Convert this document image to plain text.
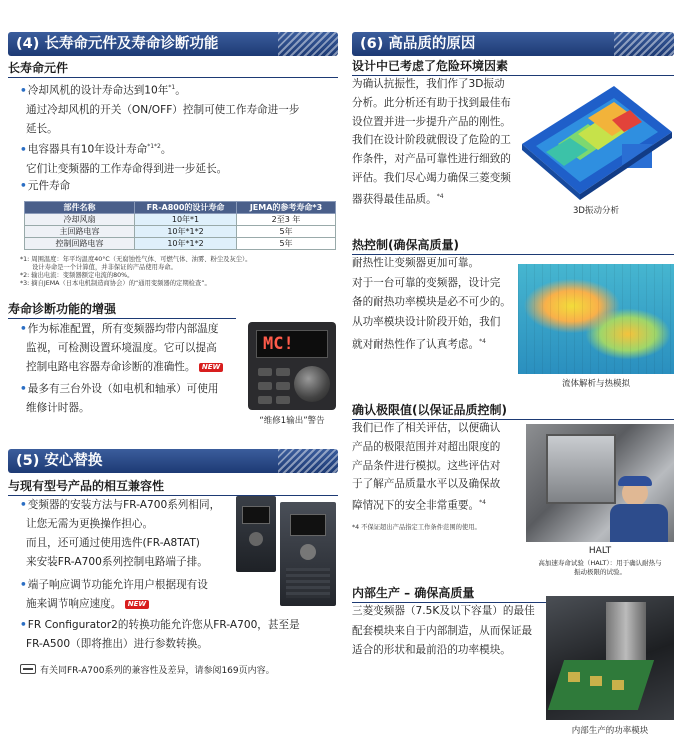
(4) 长寿命元件及寿命诊断功能
长寿命元件
•冷却风机的设计寿命达到10年$^{*1}$。
通过冷却风机的开关（ON/OFF）控制可使工作寿命进一步
延长。
•电容器具有10年设计寿命$^{*1*2}$。
它们让变频器的工作寿命得到进一步延长。
•元件寿命
部件名称	FR-A800的设计寿命	JEMA的参考寿命*3
冷却风扇	10年*1	2至3 年
主回路电容	10年*1*2	5年
控制回路电容	10年*1*2	5年
*1: 周围温度：年平均温度40°C（无腐蚀性气体、可燃气体、油雾、粉尘及灰尘）。
设计寿命是一个计算值，并非保证的产品使用寿命。
*2: 输出电流：变频器额定电流的80%。
*3: 摘自JEMA（日本电机制造商协会）的“通用变频器的定期检查”。
寿命诊断功能的增强
•作为标准配置，所有变频器均带内部温度
监视，可检测设置环境温度。它可以提高
控制电路电容器寿命诊断的准确性。 NEW
•最多有三台外设（如电机和轴承）可使用
维修计时器。
MC!
“维修1输出”警告
(5) 安心替换
与现有型号产品的相互兼容性
•变频器的安装方法与FR-A700系列相同，
让您无需为更换操作担心。
而且，还可通过使用选件(FR-A8TAT)
来安装FR-A700系列控制电路端子排。
•端子响应调节功能允许用户根据现有设
施来调节响应速度。 NEW
•FR Configurator2的转换功能允许您从FR-A700，甚至是
FR-A500（即将推出）进行参数转换。
有关同FR-A700系列的兼容性及差异，请参阅169页内容。
(6) 高品质的原因
设计中已考虑了危险环境因素
为确认抗振性，我们作了3D振动
分析。此分析还有助于找到最佳布
设位置并进一步提升产品的刚性。
我们在设计阶段就假设了危险的工
作条件，对产品可靠性进行细致的
评估。我们尽心竭力确保三菱变频
器获得最佳品质。$^{*4}$
3D振动分析
热控制(确保高质量)
耐热性让变频器更加可靠。
对于一台可靠的变频器，设计完
备的耐热功率模块是必不可少的。
从功率模块设计阶段开始，我们
就对耐热性作了认真考虑。$^{*4}$
流体解析与热模拟
确认极限值(以保证品质控制)
我们已作了相关评估，以便确认
产品的极限范围并对超出限度的
产品条件进行模拟。这些评估对
于了解产品质量水平以及确保故
障情况下的安全非常重要。$^{*4}$
*4 不保证超出产品指定工作条件范围的使用。
HALT
高加速寿命试验（HALT）：用于确认耐热与
振动极限的试验。
内部生产 – 确保高质量
三菱变频器（7.5K及以下容量）的最佳
配套模块来自于内部制造，从而保证最
适合的形状和最前沿的功率模块。
内部生产的功率模块
